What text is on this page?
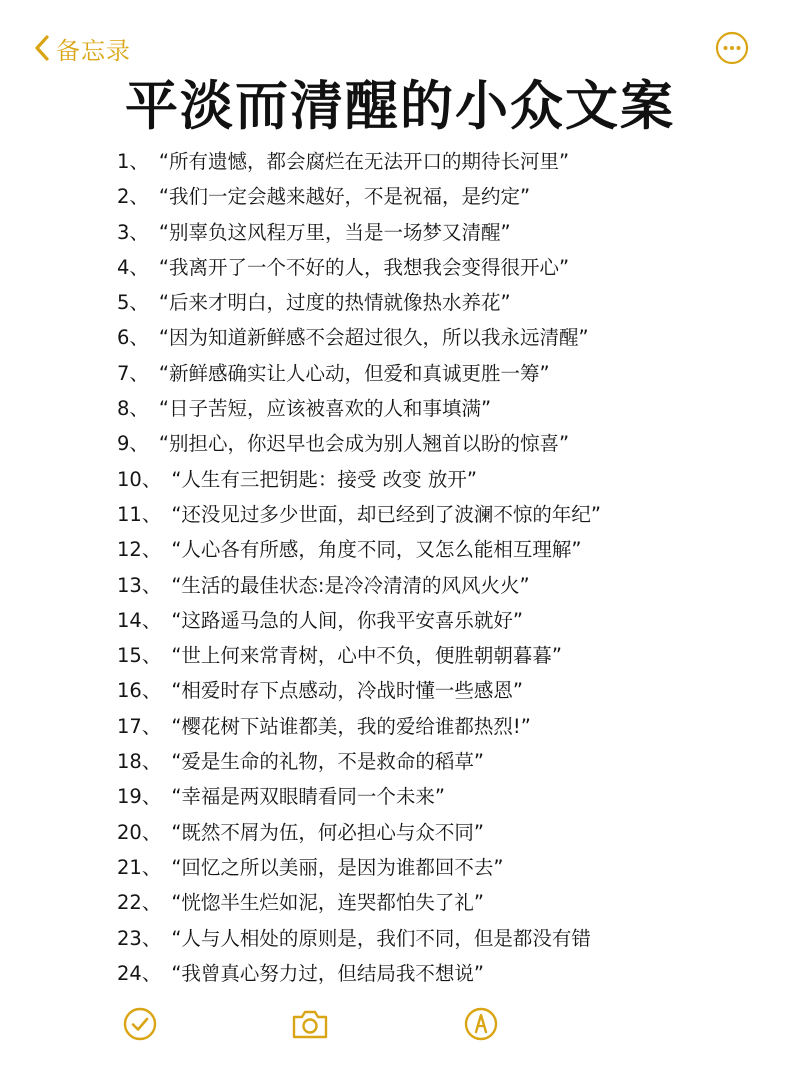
备忘录
平淡而清醒的小众文案
1、 “所有遗憾，都会腐烂在无法开口的期待长河里”
2、 “我们一定会越来越好，不是祝福，是约定”
3、 “别辜负这风程万里，当是一场梦又清醒”
4、 “我离开了一个不好的人，我想我会变得很开心”
5、 “后来才明白，过度的热情就像热水养花”
6、 “因为知道新鲜感不会超过很久，所以我永远清醒”
7、 “新鲜感确实让人心动，但爱和真诚更胜一筹”
8、 “日子苦短，应该被喜欢的人和事填满”
9、 “别担心，你迟早也会成为别人翘首以盼的惊喜”
10、 “人生有三把钥匙：接受 改变 放开”
11、 “还没见过多少世面，却已经到了波澜不惊的年纪”
12、 “人心各有所感，角度不同，又怎么能相互理解”
13、 “生活的最佳状态:是冷冷清清的风风火火”
14、 “这路遥马急的人间，你我平安喜乐就好”
15、 “世上何来常青树，心中不负，便胜朝朝暮暮”
16、 “相爱时存下点感动，冷战时懂一些感恩”
17、 “樱花树下站谁都美，我的爱给谁都热烈!”
18、 “爱是生命的礼物，不是救命的稻草”
19、 “幸福是两双眼睛看同一个未来”
20、 “既然不屑为伍，何必担心与众不同”
21、 “回忆之所以美丽，是因为谁都回不去”
22、 “恍惚半生烂如泥，连哭都怕失了礼”
23、 “人与人相处的原则是，我们不同，但是都没有错
24、 “我曾真心努力过，但结局我不想说”
